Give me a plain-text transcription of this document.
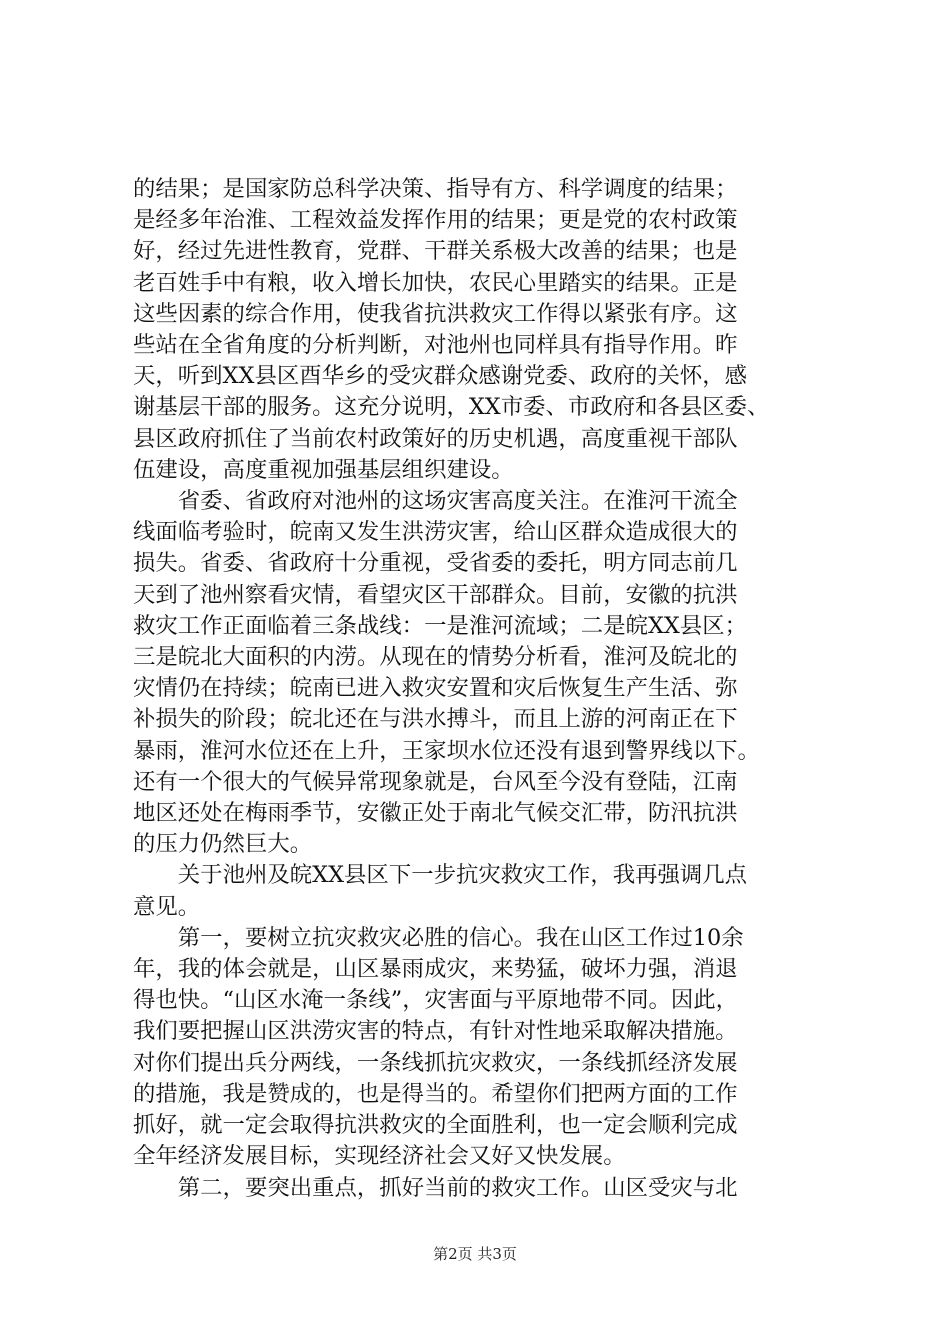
的结果；是国家防总科学决策、指导有方、科学调度的结果；
是经多年治淮、工程效益发挥作用的结果；更是党的农村政策
好，经过先进性教育，党群、干群关系极大改善的结果；也是
老百姓手中有粮，收入增长加快，农民心里踏实的结果。正是
这些因素的综合作用，使我省抗洪救灾工作得以紧张有序。这
些站在全省角度的分析判断，对池州也同样具有指导作用。昨
天，听到XX县区酉华乡的受灾群众感谢党委、政府的关怀，感
谢基层干部的服务。这充分说明，XX市委、市政府和各县区委、
县区政府抓住了当前农村政策好的历史机遇，高度重视干部队
伍建设，高度重视加强基层组织建设。

省委、省政府对池州的这场灾害高度关注。在淮河干流全
线面临考验时，皖南又发生洪涝灾害，给山区群众造成很大的
损失。省委、省政府十分重视，受省委的委托，明方同志前几
天到了池州察看灾情，看望灾区干部群众。目前，安徽的抗洪
救灾工作正面临着三条战线：一是淮河流域；二是皖XX县区；
三是皖北大面积的内涝。从现在的情势分析看，淮河及皖北的
灾情仍在持续；皖南已进入救灾安置和灾后恢复生产生活、弥
补损失的阶段；皖北还在与洪水搏斗，而且上游的河南正在下
暴雨，淮河水位还在上升，王家坝水位还没有退到警界线以下。
还有一个很大的气候异常现象就是，台风至今没有登陆，江南
地区还处在梅雨季节，安徽正处于南北气候交汇带，防汛抗洪
的压力仍然巨大。

关于池州及皖XX县区下一步抗灾救灾工作，我再强调几点
意见。

第一，要树立抗灾救灾必胜的信心。我在山区工作过10余
年，我的体会就是，山区暴雨成灾，来势猛，破坏力强，消退
得也快。“山区水淹一条线”，灾害面与平原地带不同。因此，
我们要把握山区洪涝灾害的特点，有针对性地采取解决措施。
对你们提出兵分两线，一条线抓抗灾救灾，一条线抓经济发展
的措施，我是赞成的，也是得当的。希望你们把两方面的工作
抓好，就一定会取得抗洪救灾的全面胜利，也一定会顺利完成
全年经济发展目标，实现经济社会又好又快发展。

第二，要突出重点，抓好当前的救灾工作。山区受灾与北

第2页 共3页
